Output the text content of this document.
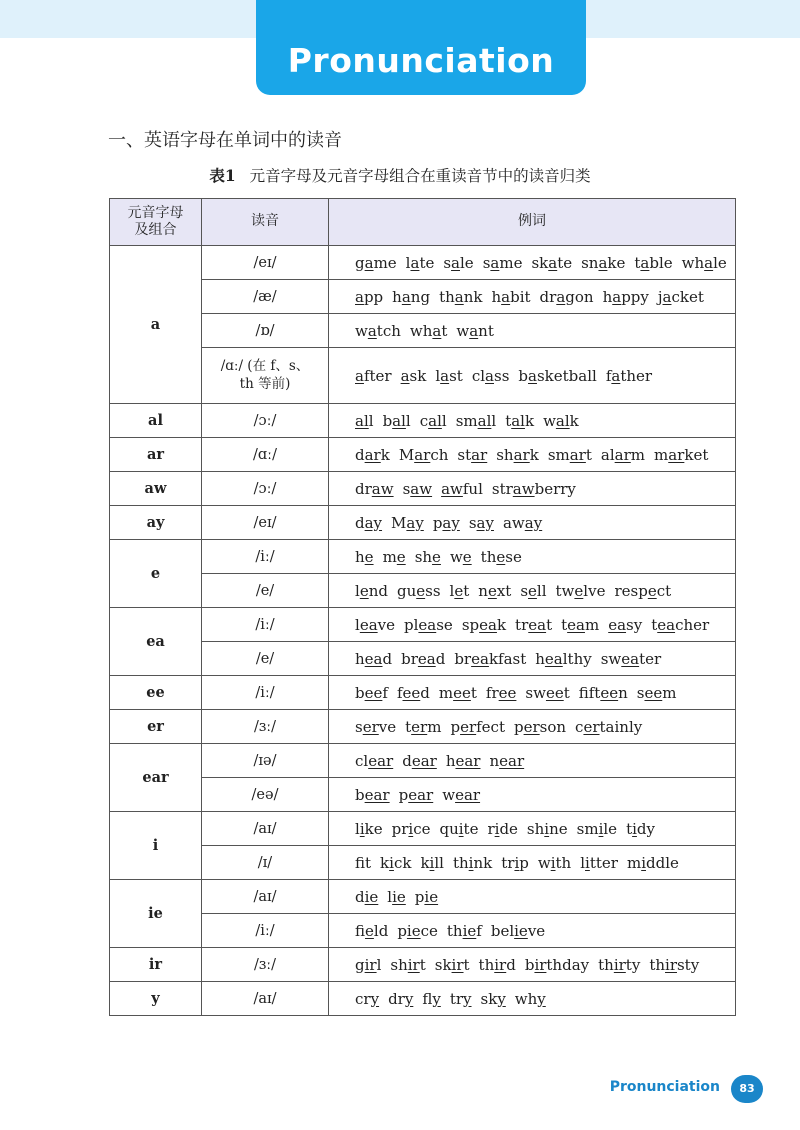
Pronunciation
一、英语字母在单词中的读音
表1 元音字母及元音字母组合在重读音节中的读音归类
元音字母
及组合	读音	例词
a	/eɪ/	game late sale same skate snake table whale
	/æ/	app hang thank habit dragon happy jacket
	/ɒ/	watch what want
	/ɑː/ (在 f、s、
th 等前)	after ask last class basketball father
al	/ɔː/	all ball call small talk walk
ar	/ɑː/	dark March star shark smart alarm market
aw	/ɔː/	draw saw awful strawberry
ay	/eɪ/	day May pay say away
e	/iː/	he me she we these
	/e/	lend guess let next sell twelve respect
ea	/iː/	leave please speak treat team easy teacher
	/e/	head bread breakfast healthy sweater
ee	/iː/	beef feed meet free sweet fifteen seem
er	/ɜː/	serve term perfect person certainly
ear	/ɪə/	clear dear hear near
	/eə/	bear pear wear
i	/aɪ/	like price quite ride shine smile tidy
	/ɪ/	ft kick kill think trip with litter middle
ie	/aɪ/	die lie pie
	/iː/	field piece thief believe
ir	/ɜː/	girl shirt skirt third birthday thirty thirsty
y	/aɪ/	cry dry fly try sky why
Pronunciation	83
